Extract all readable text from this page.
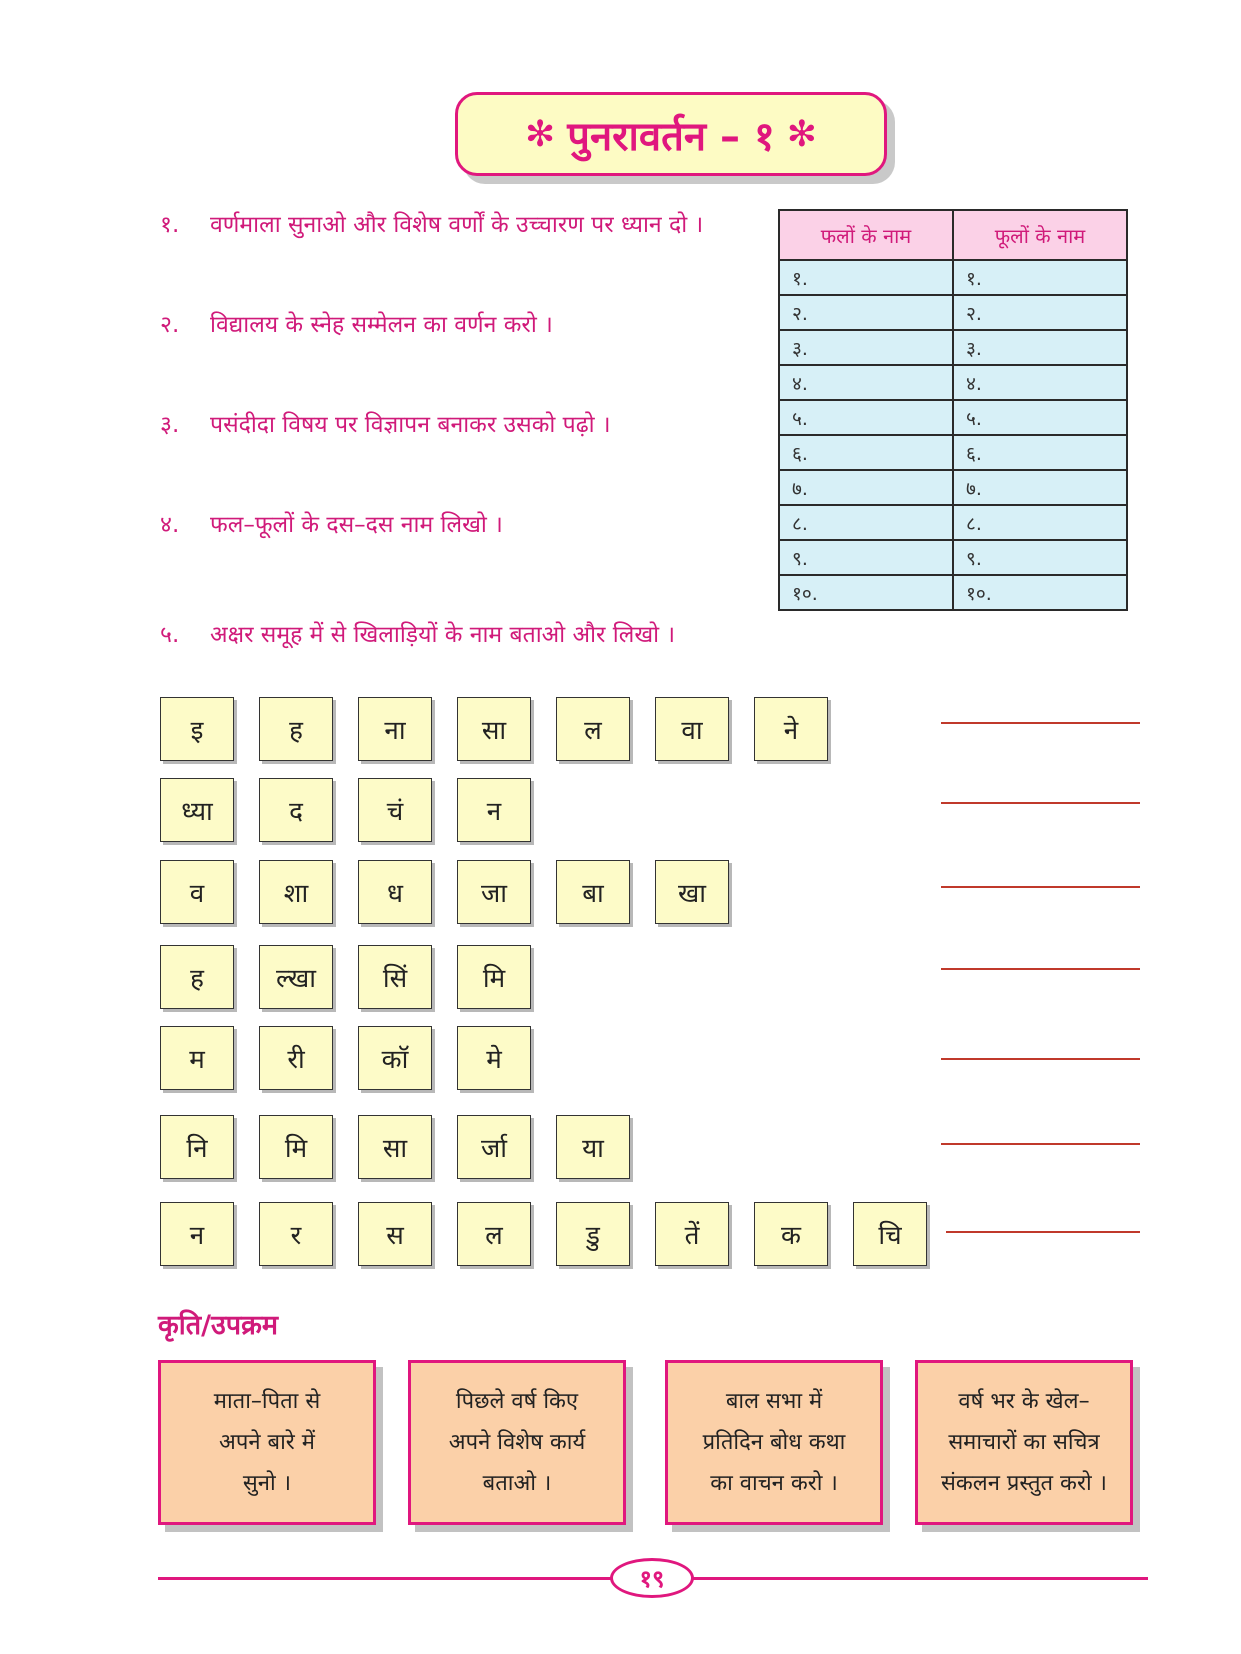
✻ पुनरावर्तन – १ ✻
१. वर्णमाला सुनाओ और विशेष वर्णों के उच्चारण पर ध्यान दो ।
२. विद्यालय के स्नेह सम्मेलन का वर्णन करो ।
३. पसंदीदा विषय पर विज्ञापन बनाकर उसको पढ़ो ।
४. फल–फूलों के दस–दस नाम लिखो ।
५. अक्षर समूह में से खिलाड़ियों के नाम बताओ और लिखो ।
फलों के नाम	फूलों के नाम
१.	१.
२.	२.
३.	३.
४.	४.
५.	५.
६.	६.
७.	७.
८.	८.
९.	९.
१०.	१०.
इ	ह	ना	सा	ल	वा	ने
ध्या	द	चं	न
व	शा	ध	जा	बा	खा
ह	ल्खा	सिं	मि
म	री	कॉ	मे
नि	मि	सा	र्जा	या
न	र	स	ल	डु	तें	क	चि
कृति/उपक्रम
माता–पिता से
अपने बारे में
सुनो ।
पिछले वर्ष किए
अपने विशेष कार्य
बताओ ।
बाल सभा में
प्रतिदिन बोध कथा
का वाचन करो ।
वर्ष भर के खेल–
समाचारों का सचित्र
संकलन प्रस्तुत करो ।
१९
